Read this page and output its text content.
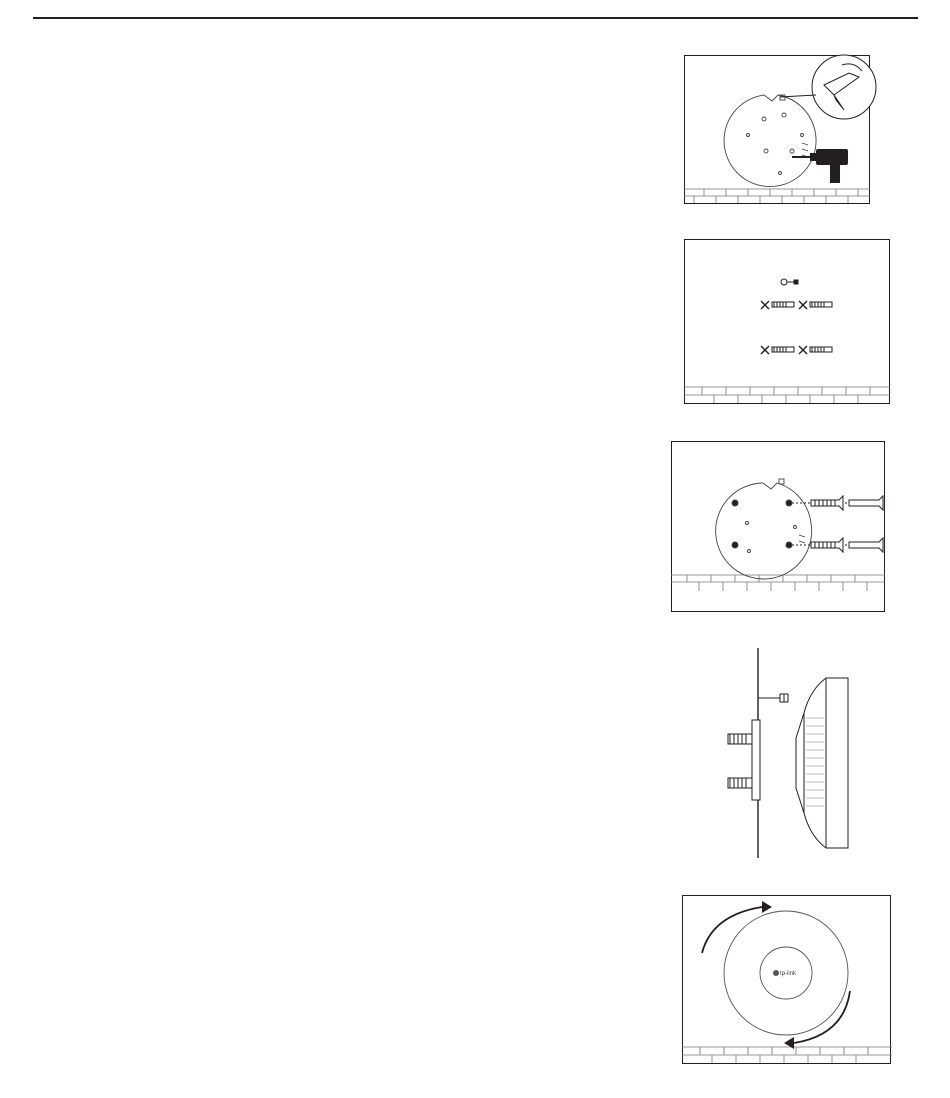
tp-link
